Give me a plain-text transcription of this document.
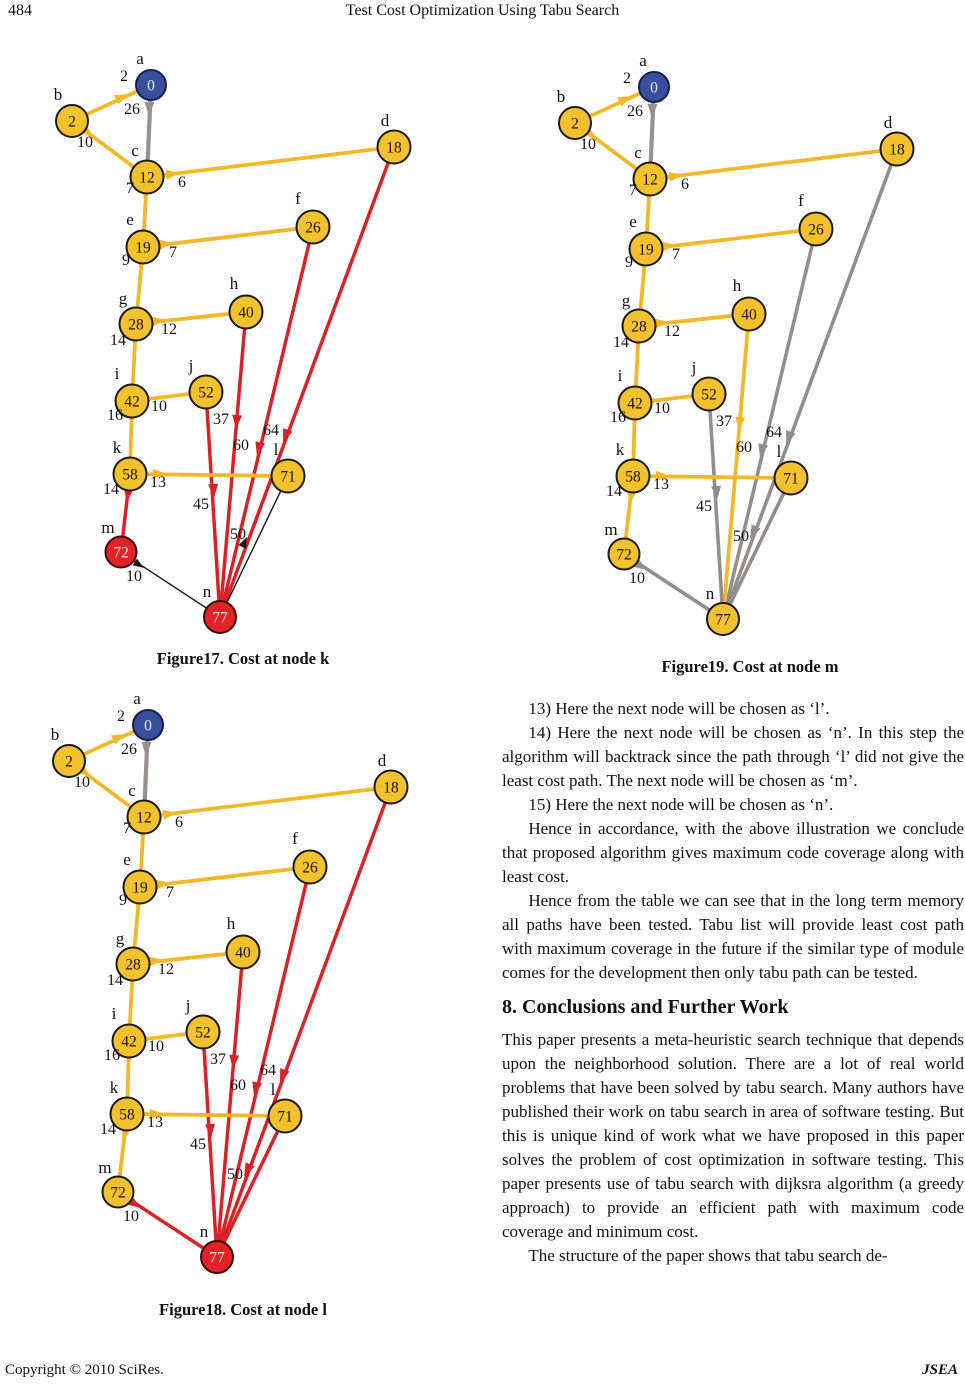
484	Test Cost Optimization Using Tabu Search
0
a
2
b
12
c	18
d
19
e	26
f
28
g
40
h
42
i
52
j
58
k
71
l
72
m
77
n
64
60
37
45
50
10
2
26
10
6
7
7
9
12
14
10
16
13
14
Figure17. Cost at node k
0
a
2
b
12
c	18
d
19
e	26
f
28
g
40
h
42
i
52
j
58
k
71
l
72
m
77
n
64
60
37
45
50
10
2
26
10
6
7
7
9
12
14
10
16
13
14
Figure18. Cost at node l
0
a
2
b
12
c	18
d
19
e	26
f
28
g
40
h
42
i
52
j
58
k
71
l
72
m
77
n
64
60
37
45
50
10
2
26
10
6
7
7
9
12
14
10
16
13
14
Figure19. Cost at node m

13) Here the next node will be chosen as ‘l’.

14) Here the next node will be chosen as ‘n’. In this step the algorithm will backtrack since the path through ‘l’ did not give the least cost path. The next node will be chosen as ‘m’.

15) Here the next node will be chosen as ‘n’.

Hence in accordance, with the above illustration we conclude that proposed algorithm gives maximum code coverage along with least cost.

Hence from the table we can see that in the long term memory all paths have been tested. Tabu list will provide least cost path with maximum coverage in the future if the similar type of module comes for the development then only tabu path can be tested.

8. Conclusions and Further Work

This paper presents a meta-heuristic search technique that depends upon the neighborhood solution. There are a lot of real world problems that have been solved by tabu search. Many authors have published their work on tabu search in area of software testing. But this is unique kind of work what we have proposed in this paper solves the problem of cost optimization in software testing. This paper presents use of tabu search with dijksra algorithm (a greedy approach) to provide an efficient path with maximum code coverage and minimum cost.

The structure of the paper shows that tabu search de-

Copyright © 2010 SciRes.	JSEA
